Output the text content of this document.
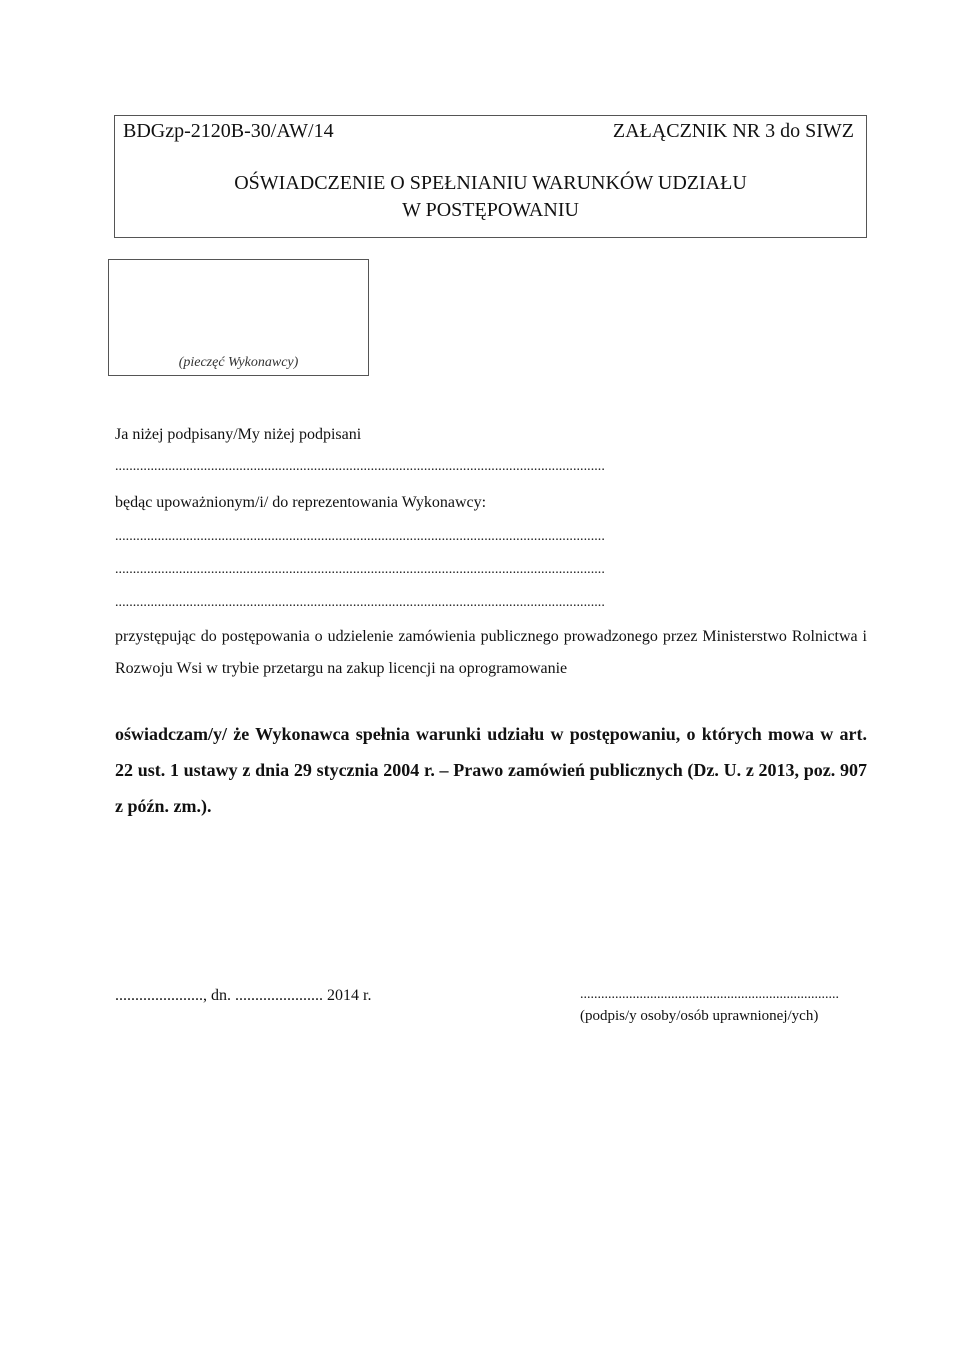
BDGzp-2120B-30/AW/14	ZAŁĄCZNIK NR 3 do SIWZ
OŚWIADCZENIE O SPEŁNIANIU WARUNKÓW UDZIAŁU
W POSTĘPOWANIU
(pieczęć Wykonawcy)
Ja niżej podpisany/My niżej podpisani
..........................................................................................................................................
będąc upoważnionym/i/ do reprezentowania Wykonawcy:
..........................................................................................................................................
..........................................................................................................................................
..........................................................................................................................................
przystępując do postępowania o udzielenie zamówienia publicznego prowadzonego przez Ministerstwo Rolnictwa i Rozwoju Wsi w trybie przetargu na zakup licencji na oprogramowanie
oświadczam/y/ że Wykonawca spełnia warunki udziału w postępowaniu, o których mowa w art. 22 ust. 1 ustawy z dnia 29 stycznia 2004 r. – Prawo zamówień publicznych (Dz. U. z 2013, poz. 907 z późn. zm.).
......................, dn. ...................... 2014 r.	..........................................................................
(podpis/y osoby/osób uprawnionej/ych)
